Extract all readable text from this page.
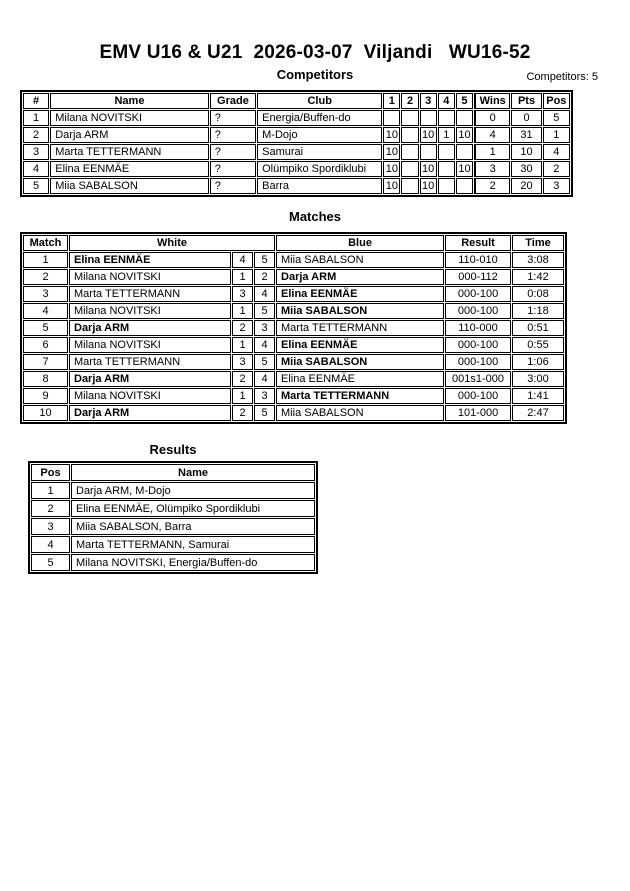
EMV U16 & U21  2026-03-07  Viljandi   WU16-52
Competitors	Competitors: 5
#	Name	Grade	Club	1	2	3	4	5	Wins	Pts	Pos
1	Milana NOVITSKI	?	Energia/Buffen-do						0	0	5
2	Darja ARM	?	M-Dojo	10		10	1	10	4	31	1
3	Marta TETTERMANN	?	Samurai	10					1	10	4
4	Elina EENMÄE	?	Olümpiko Spordiklubi	10		10		10	3	30	2
5	Miia SABALSON	?	Barra	10		10			2	20	3
Matches
Match	White			Blue	Result	Time
1	Elina EENMÄE	4	5	Miia SABALSON	110-010	3:08
2	Milana NOVITSKI	1	2	Darja ARM	000-112	1:42
3	Marta TETTERMANN	3	4	Elina EENMÄE	000-100	0:08
4	Milana NOVITSKI	1	5	Miia SABALSON	000-100	1:18
5	Darja ARM	2	3	Marta TETTERMANN	110-000	0:51
6	Milana NOVITSKI	1	4	Elina EENMÄE	000-100	0:55
7	Marta TETTERMANN	3	5	Miia SABALSON	000-100	1:06
8	Darja ARM	2	4	Elina EENMÄE	001s1-000	3:00
9	Milana NOVITSKI	1	3	Marta TETTERMANN	000-100	1:41
10	Darja ARM	2	5	Miia SABALSON	101-000	2:47
Results
Pos	Name
1	Darja ARM, M-Dojo
2	Elina EENMÄE, Olümpiko Spordiklubi
3	Miia SABALSON, Barra
4	Marta TETTERMANN, Samurai
5	Milana NOVITSKI, Energia/Buffen-do
